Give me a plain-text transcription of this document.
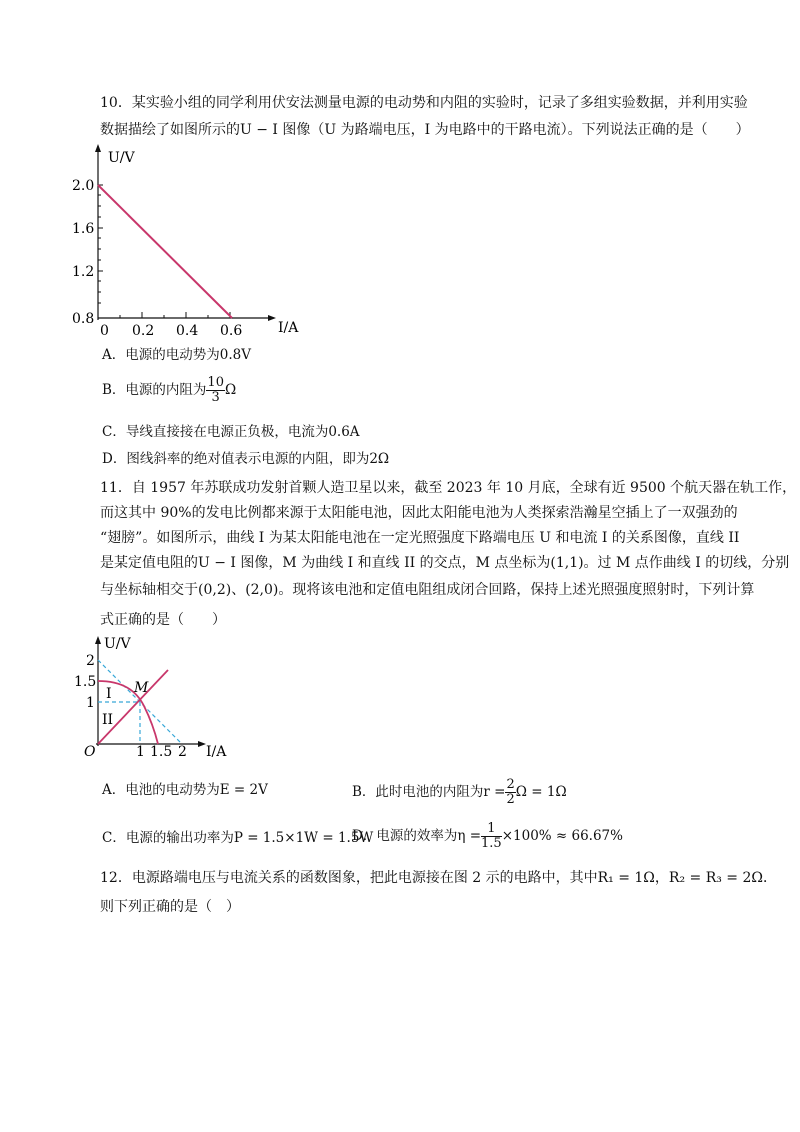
10．某实验小组的同学利用伏安法测量电源的电动势和内阻的实验时，记录了多组实验数据，并利用实验
数据描绘了如图所示的U − I 图像（U 为路端电压，I 为电路中的干路电流）。下列说法正确的是（　　）
U/V
I/A
2.0
1.6
1.2
0.8
0 0.2 0.4 0.6
A．电源的电动势为0.8V
B．电源的内阻为 $\frac{10}{3}$ Ω
C．导线直接接在电源正负极，电流为0.6A
D．图线斜率的绝对值表示电源的内阻，即为2Ω
11．自 1957 年苏联成功发射首颗人造卫星以来，截至 2023 年 10 月底，全球有近 9500 个航天器在轨工作，
而这其中 90%的发电比例都来源于太阳能电池，因此太阳能电池为人类探索浩瀚星空插上了一双强劲的
“翅膀”。如图所示，曲线 I 为某太阳能电池在一定光照强度下路端电压 U 和电流 I 的关系图像，直线 II
是某定值电阻的U − I 图像，M 为曲线 I 和直线 II 的交点，M 点坐标为(1,1)。过 M 点作曲线 I 的切线，分别
与坐标轴相交于(0,2)、(2,0)。现将该电池和定值电阻组成闭合回路，保持上述光照强度照射时，下列计算
式正确的是（　　）
U/V
I/A
O
2
1.5
1
1 1.5 2
I
II
M
A．电池的电动势为E = 2V	B．此时电池的内阻为$r = \frac{2}{2}$ Ω = 1Ω
C．电源的输出功率为P = 1.5×1W = 1.5W
D．电源的效率为$\eta = \frac{1}{1.5} \times 100\% \approx 66.67\%$
12．电源路端电压与电流关系的函数图象，把此电源接在图 2 示的电路中，其中R₁ = 1Ω，R₂ = R₃ = 2Ω．
则下列正确的是（　）
